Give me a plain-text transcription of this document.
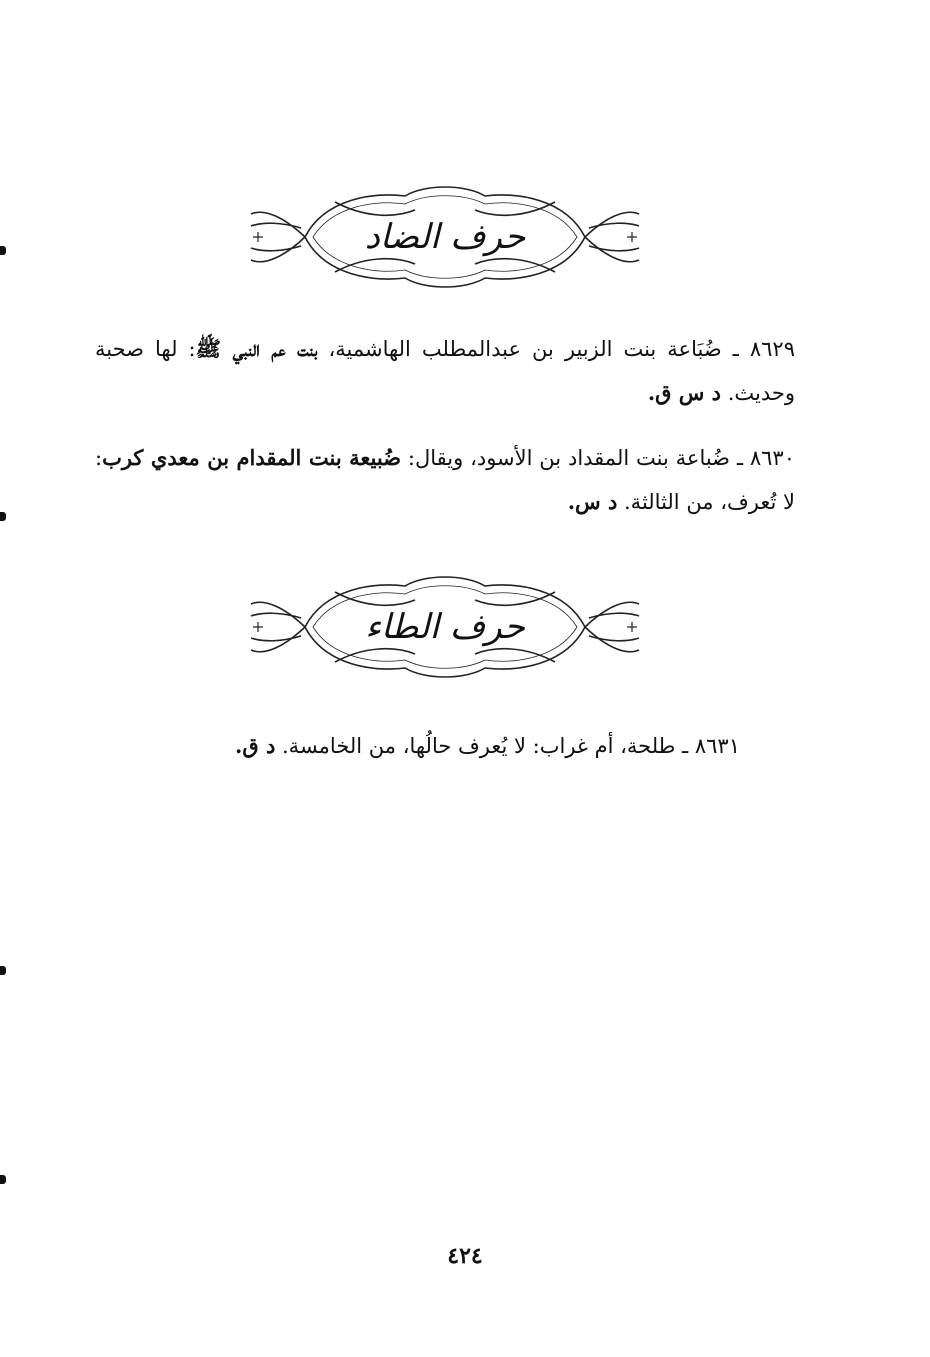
حرف الضاد
٨٦٢٩ ـ ضُبَاعة بنت الزبير بن عبدالمطلب الهاشمية، بنت عم النبي ﷺ: لها صحبة وحديث. د س ق.
٨٦٣٠ ـ ضُباعة بنت المقداد بن الأسود، ويقال: ضُبيعة بنت المقدام بن معدي كرب: لا تُعرف، من الثالثة. د س.
حرف الطاء
٨٦٣١ ـ طلحة، أم غراب: لا يُعرف حالُها، من الخامسة. د ق.
٤٢٤
